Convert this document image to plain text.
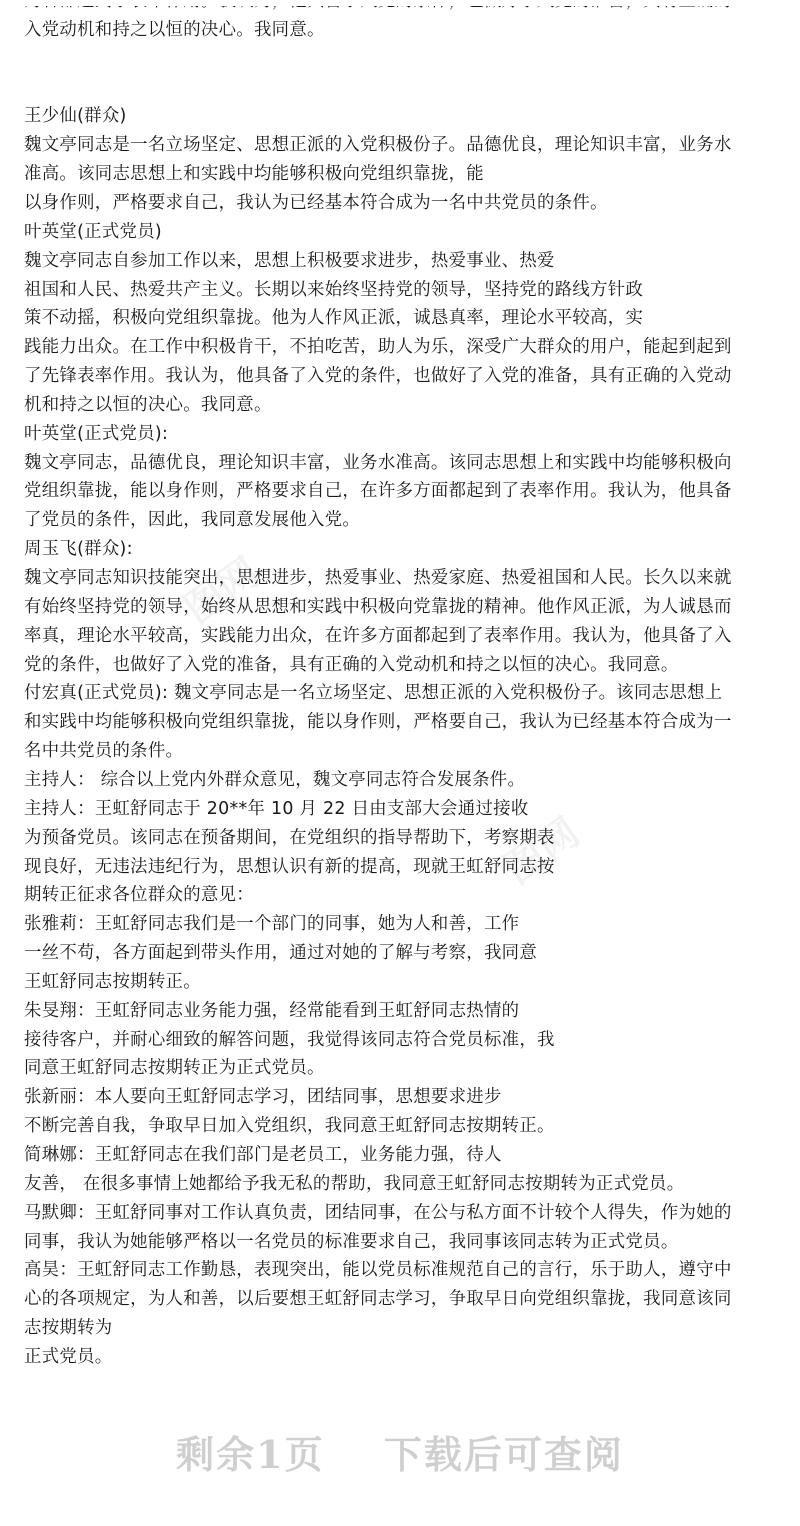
入党动机和持之以恒的决心。我同意。
王少仙(群众)
魏文亭同志是一名立场坚定、思想正派的入党积极份子。品德优良，理论知识丰富，业务水
准高。该同志思想上和实践中均能够积极向党组织靠拢，能
以身作则，严格要求自己，我认为已经基本符合成为一名中共党员的条件。
叶英堂(正式党员)
魏文亭同志自参加工作以来，思想上积极要求进步，热爱事业、热爱
祖国和人民、热爱共产主义。长期以来始终坚持党的领导，坚持党的路线方针政
策不动摇，积极向党组织靠拢。他为人作风正派，诚恳真率，理论水平较高，实
践能力出众。在工作中积极肯干，不拍吃苦，助人为乐，深受广大群众的用户，能起到起到
了先锋表率作用。我认为，他具备了入党的条件，也做好了入党的准备，具有正确的入党动
机和持之以恒的决心。我同意。
叶英堂(正式党员):
魏文亭同志，品德优良，理论知识丰富，业务水准高。该同志思想上和实践中均能够积极向
党组织靠拢，能以身作则，严格要求自己，在许多方面都起到了表率作用。我认为，他具备
了党员的条件，因此，我同意发展他入党。
周玉飞(群众):
魏文亭同志知识技能突出，思想进步，热爱事业、热爱家庭、热爱祖国和人民。长久以来就
有始终坚持党的领导，始终从思想和实践中积极向党靠拢的精神。他作风正派，为人诚恳而
率真，理论水平较高，实践能力出众，在许多方面都起到了表率作用。我认为，他具备了入
党的条件，也做好了入党的准备，具有正确的入党动机和持之以恒的决心。我同意。
付宏真(正式党员): 魏文亭同志是一名立场坚定、思想正派的入党积极份子。该同志思想上
和实践中均能够积极向党组织靠拢，能以身作则，严格要自己，我认为已经基本符合成为一
名中共党员的条件。
主持人： 综合以上党内外群众意见，魏文亭同志符合发展条件。
主持人：王虹舒同志于 20**年 10 月 22 日由支部大会通过接收
为预备党员。该同志在预备期间，在党组织的指导帮助下，考察期表
现良好，无违法违纪行为，思想认识有新的提高，现就王虹舒同志按
期转正征求各位群众的意见：
张雅莉：王虹舒同志我们是一个部门的同事，她为人和善，工作
一丝不苟，各方面起到带头作用，通过对她的了解与考察，我同意
王虹舒同志按期转正。
朱旻翔：王虹舒同志业务能力强，经常能看到王虹舒同志热情的
接待客户，并耐心细致的解答问题，我觉得该同志符合党员标准，我
同意王虹舒同志按期转正为正式党员。
张新丽：本人要向王虹舒同志学习，团结同事，思想要求进步
不断完善自我，争取早日加入党组织，我同意王虹舒同志按期转正。
简琳娜：王虹舒同志在我们部门是老员工，业务能力强，待人
友善， 在很多事情上她都给予我无私的帮助，我同意王虹舒同志按期转为正式党员。
马默卿：王虹舒同事对工作认真负责，团结同事，在公与私方面不计较个人得失，作为她的
同事，我认为她能够严格以一名党员的标准要求自己，我同事该同志转为正式党员。
高昊：王虹舒同志工作勤恳，表现突出，能以党员标准规范自己的言行，乐于助人，遵守中
心的各项规定，为人和善，以后要想王虹舒同志学习，争取早日向党组织靠拢，我同意该同
志按期转为
正式党员。
图网
图网
剩余1页 下载后可查阅
